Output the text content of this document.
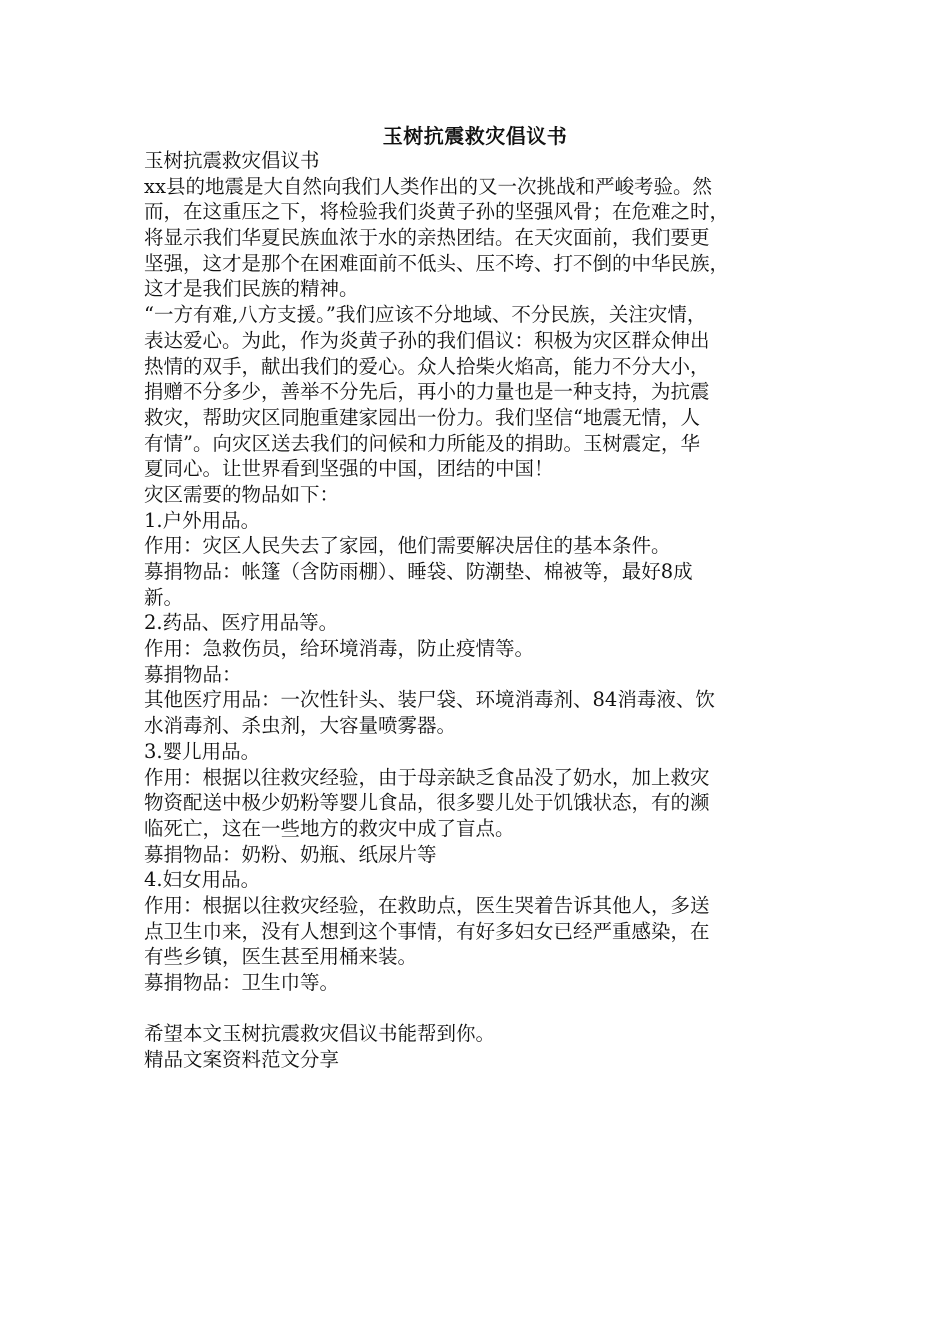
玉树抗震救灾倡议书
玉树抗震救灾倡议书
xx县的地震是大自然向我们人类作出的又一次挑战和严峻考验。然
而，在这重压之下，将检验我们炎黄子孙的坚强风骨；在危难之时，
将显示我们华夏民族血浓于水的亲热团结。在天灾面前，我们要更
坚强，这才是那个在困难面前不低头、压不垮、打不倒的中华民族，
这才是我们民族的精神。
“一方有难,八方支援。”我们应该不分地域、不分民族，关注灾情，
表达爱心。为此，作为炎黄子孙的我们倡议：积极为灾区群众伸出
热情的双手，献出我们的爱心。众人拾柴火焰高，能力不分大小，
捐赠不分多少，善举不分先后，再小的力量也是一种支持，为抗震
救灾，帮助灾区同胞重建家园出一份力。我们坚信“地震无情，人
有情”。向灾区送去我们的问候和力所能及的捐助。玉树震定，华
夏同心。让世界看到坚强的中国，团结的中国！
灾区需要的物品如下：
1.户外用品。
作用：灾区人民失去了家园，他们需要解决居住的基本条件。
募捐物品：帐篷（含防雨棚）、睡袋、防潮垫、棉被等，最好8成
新。
2.药品、医疗用品等。
作用：急救伤员，给环境消毒，防止疫情等。
募捐物品：
其他医疗用品：一次性针头、装尸袋、环境消毒剂、84消毒液、饮
水消毒剂、杀虫剂，大容量喷雾器。
3.婴儿用品。
作用：根据以往救灾经验，由于母亲缺乏食品没了奶水，加上救灾
物资配送中极少奶粉等婴儿食品，很多婴儿处于饥饿状态，有的濒
临死亡，这在一些地方的救灾中成了盲点。
募捐物品：奶粉、奶瓶、纸尿片等
4.妇女用品。
作用：根据以往救灾经验，在救助点，医生哭着告诉其他人，多送
点卫生巾来，没有人想到这个事情，有好多妇女已经严重感染，在
有些乡镇，医生甚至用桶来装。
募捐物品：卫生巾等。
希望本文玉树抗震救灾倡议书能帮到你。
精品文案资料范文分享
